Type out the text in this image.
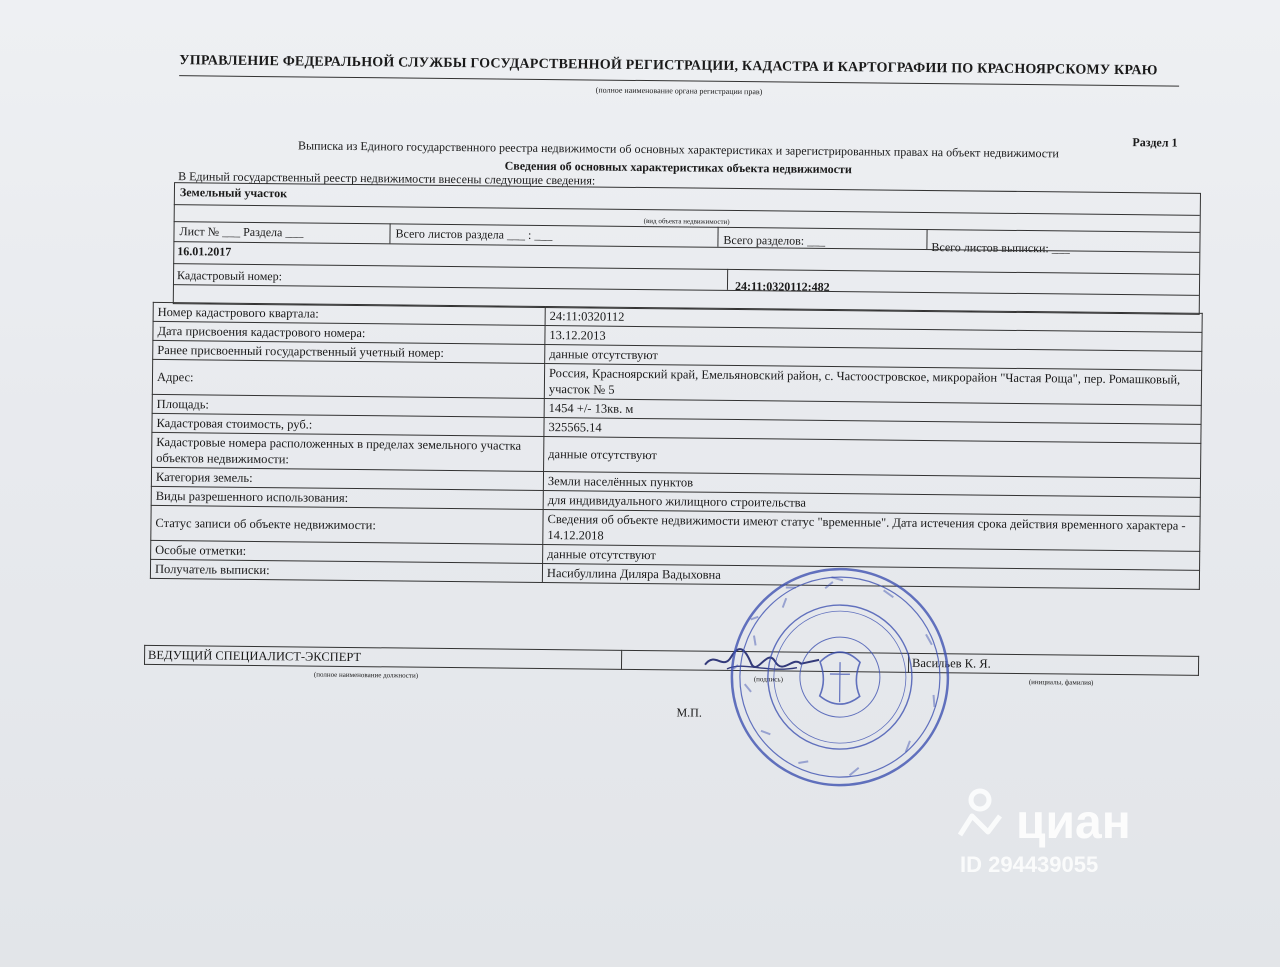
УПРАВЛЕНИЕ ФЕДЕРАЛЬНОЙ СЛУЖБЫ ГОСУДАРСТВЕННОЙ РЕГИСТРАЦИИ, КАДАСТРА И КАРТОГРАФИИ ПО КРАСНОЯРСКОМУ КРАЮ
(полное наименование органа регистрации прав)
Раздел 1
Выписка из Единого государственного реестра недвижимости об основных характеристиках и зарегистрированных правах на объект недвижимости
Сведения об основных характеристиках объекта недвижимости
В Единый государственный реестр недвижимости внесены следующие сведения:
Земельный участок
(вид объекта недвижимости)
Лист № ___ Раздела ___	Всего листов раздела ___ : ___	Всего разделов: ___	Всего листов выписки: ___
16.01.2017
Кадастровый номер:
24:11:0320112:482
Номер кадастрового квартала:	24:11:0320112
Дата присвоения кадастрового номера:	13.12.2013
Ранее присвоенный государственный учетный номер:	данные отсутствуют
Адрес:	Россия, Красноярский край, Емельяновский район, с. Частоостровское, микрорайон "Частая Роща", пер. Ромашковый, участок № 5
Площадь:	1454 +/- 13кв. м
Кадастровая стоимость, руб.:	325565.14
Кадастровые номера расположенных в пределах земельного участка объектов недвижимости:	данные отсутствуют
Категория земель:	Земли населённых пунктов
Виды разрешенного использования:	для индивидуального жилищного строительства
Статус записи об объекте недвижимости:	Сведения об объекте недвижимости имеют статус "временные". Дата истечения срока действия временного характера - 14.12.2018
Особые отметки:	данные отсутствуют
Получатель выписки:	Насибуллина Диляра Вадыховна
ВЕДУЩИЙ СПЕЦИАЛИСТ-ЭКСПЕРТ		Васильев К. Я.
(полное наименование должности)	(подпись)	(инициалы, фамилия)
М.П.
циан
ID 294439055
